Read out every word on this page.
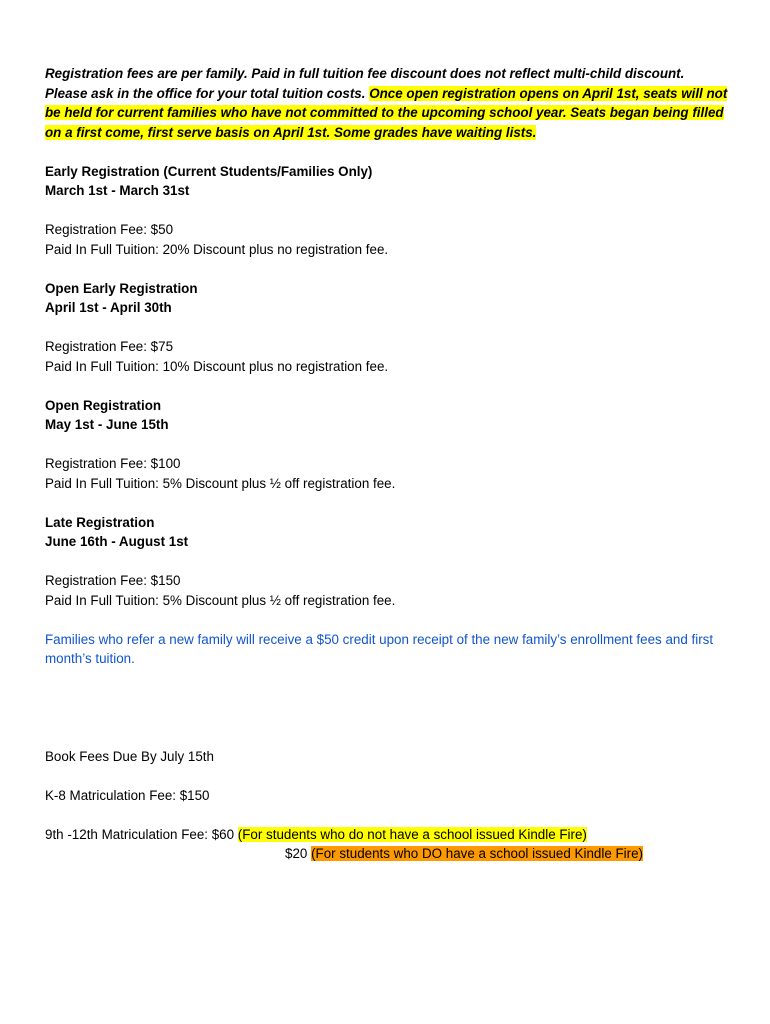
Registration fees are per family. Paid in full tuition fee discount does not reflect multi-child discount. Please ask in the office for your total tuition costs. Once open registration opens on April 1st, seats will not be held for current families who have not committed to the upcoming school year. Seats began being filled on a first come, first serve basis on April 1st. Some grades have waiting lists.

Early Registration (Current Students/Families Only)
March 1st - March 31st
Registration Fee: $50
Paid In Full Tuition: 20% Discount plus no registration fee.
Open Early Registration
April 1st - April 30th
Registration Fee: $75
Paid In Full Tuition: 10% Discount plus no registration fee.
Open Registration
May 1st - June 15th
Registration Fee: $100
Paid In Full Tuition: 5% Discount plus ½ off registration fee.
Late Registration
June 16th - August 1st
Registration Fee: $150
Paid In Full Tuition: 5% Discount plus ½ off registration fee.

Families who refer a new family will receive a $50 credit upon receipt of the new family’s enrollment fees and first month’s tuition.

Book Fees Due By July 15th
K-8 Matriculation Fee: $150
9th -12th Matriculation Fee: $60 (For students who do not have a school issued Kindle Fire)
$20 (For students who DO have a school issued Kindle Fire)
